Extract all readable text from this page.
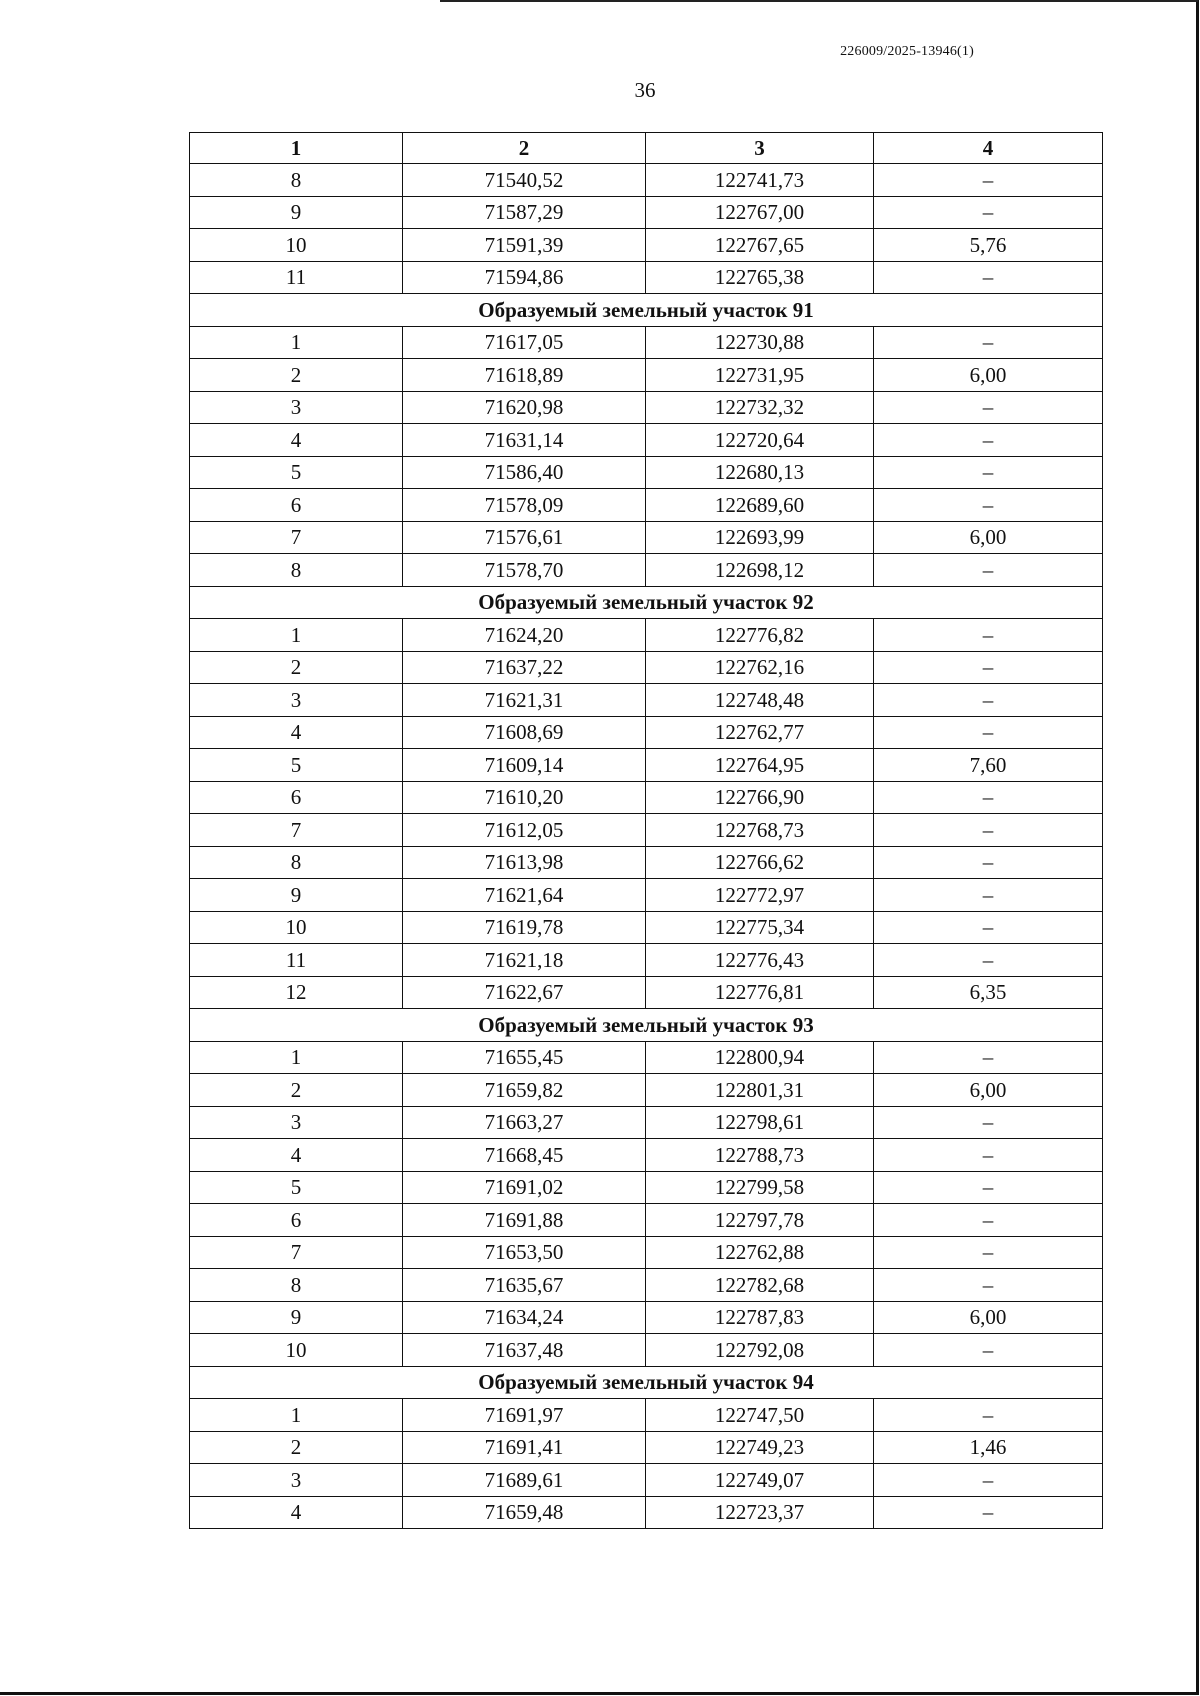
226009/2025-13946(1)
36
1	2	3	4
8	71540,52	122741,73	–
9	71587,29	122767,00	–
10	71591,39	122767,65	5,76
11	71594,86	122765,38	–
Образуемый земельный участок 91			
1	71617,05	122730,88	–
2	71618,89	122731,95	6,00
3	71620,98	122732,32	–
4	71631,14	122720,64	–
5	71586,40	122680,13	–
6	71578,09	122689,60	–
7	71576,61	122693,99	6,00
8	71578,70	122698,12	–
Образуемый земельный участок 92			
1	71624,20	122776,82	–
2	71637,22	122762,16	–
3	71621,31	122748,48	–
4	71608,69	122762,77	–
5	71609,14	122764,95	7,60
6	71610,20	122766,90	–
7	71612,05	122768,73	–
8	71613,98	122766,62	–
9	71621,64	122772,97	–
10	71619,78	122775,34	–
11	71621,18	122776,43	–
12	71622,67	122776,81	6,35
Образуемый земельный участок 93			
1	71655,45	122800,94	–
2	71659,82	122801,31	6,00
3	71663,27	122798,61	–
4	71668,45	122788,73	–
5	71691,02	122799,58	–
6	71691,88	122797,78	–
7	71653,50	122762,88	–
8	71635,67	122782,68	–
9	71634,24	122787,83	6,00
10	71637,48	122792,08	–
Образуемый земельный участок 94			
1	71691,97	122747,50	–
2	71691,41	122749,23	1,46
3	71689,61	122749,07	–
4	71659,48	122723,37	–
